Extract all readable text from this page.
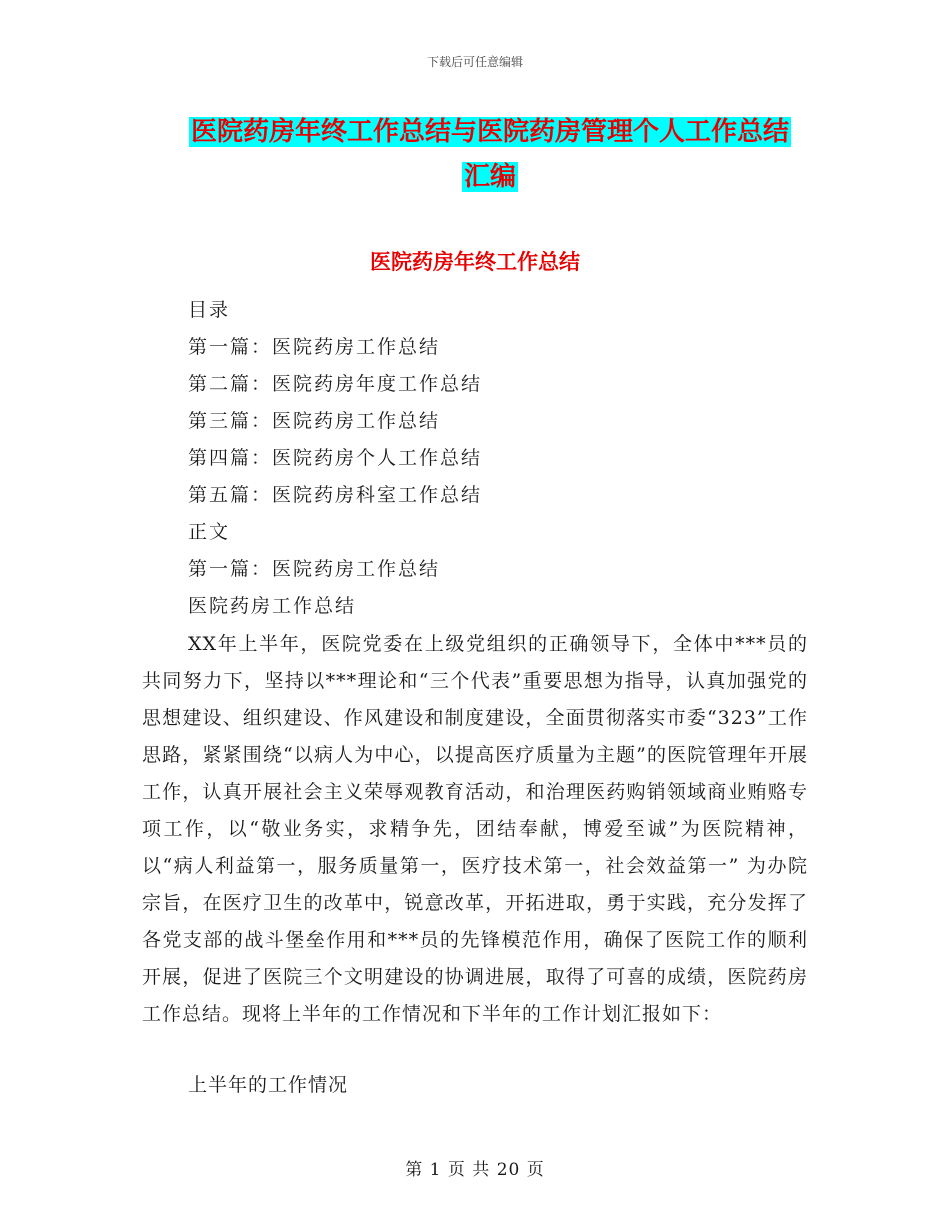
下载后可任意编辑
医院药房年终工作总结与医院药房管理个人工作总结
汇编
医院药房年终工作总结
目录
第一篇：医院药房工作总结
第二篇：医院药房年度工作总结
第三篇：医院药房工作总结
第四篇：医院药房个人工作总结
第五篇：医院药房科室工作总结
正文
第一篇：医院药房工作总结
医院药房工作总结

XX年上半年，医院党委在上级党组织的正确领导下，全体中***员的共同努力下，坚持以***理论和“三个代表”重要思想为指导，认真加强党的思想建设、组织建设、作风建设和制度建设，全面贯彻落实市委“323”工作思路，紧紧围绕“以病人为中心，以提高医疗质量为主题”的医院管理年开展工作，认真开展社会主义荣辱观教育活动，和治理医药购销领域商业贿赂专项工作，以“敬业务实，求精争先，团结奉献，博爱至诚”为医院精神，以“病人利益第一，服务质量第一，医疗技术第一，社会效益第一” 为办院宗旨，在医疗卫生的改革中，锐意改革，开拓进取，勇于实践，充分发挥了各党支部的战斗堡垒作用和***员的先锋模范作用，确保了医院工作的顺利开展，促进了医院三个文明建设的协调进展，取得了可喜的成绩，医院药房工作总结。现将上半年的工作情况和下半年的工作计划汇报如下：

上半年的工作情况
第 1 页 共 20 页
